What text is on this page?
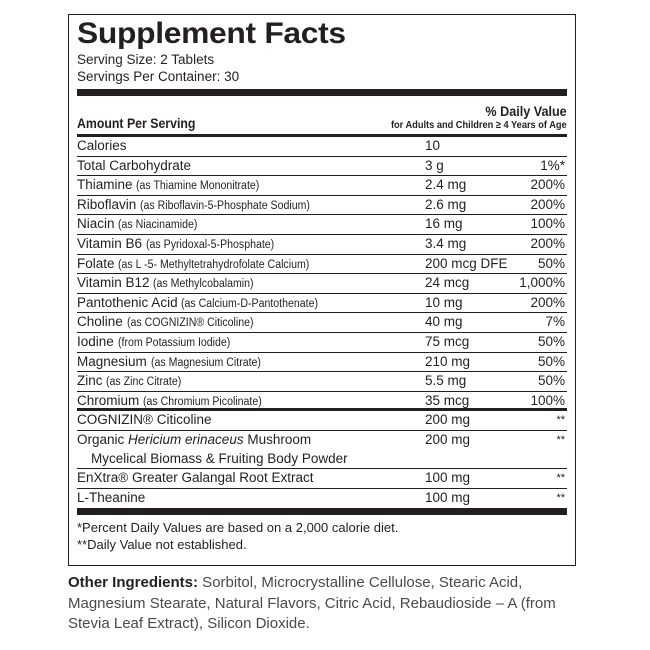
Supplement Facts
Serving Size: 2 Tablets
Servings Per Container: 30
Amount Per Serving
% Daily Value
for Adults and Children ≥ 4 Years of Age
Calories	10
Total Carbohydrate	3 g	1%*
Thiamine (as Thiamine Mononitrate)	2.4 mg	200%
Riboflavin (as Riboflavin-5-Phosphate Sodium)	2.6 mg	200%
Niacin (as Niacinamide)	16 mg	100%
Vitamin B6 (as Pyridoxal-5-Phosphate)	3.4 mg	200%
Folate (as L -5- Methyltetrahydrofolate Calcium)	200 mcg DFE 50%
Vitamin B12 (as Methylcobalamin)	24 mcg	1,000%
Pantothenic Acid (as Calcium-D-Pantothenate)	10 mg	200%
Choline (as COGNIZIN® Citicoline)	40 mg	7%
Iodine (from Potassium Iodide)	75 mcg	50%
Magnesium (as Magnesium Citrate)	210 mg	50%
Zinc (as Zinc Citrate)	5.5 mg	50%
Chromium (as Chromium Picolinate)	35 mcg	100%
COGNIZIN® Citicoline	200 mg	**
Organic Hericium erinaceus Mushroom
Mycelical Biomass & Fruiting Body Powder
200 mg	**
EnXtra® Greater Galangal Root Extract	100 mg	**
L-Theanine	100 mg	**
*Percent Daily Values are based on a 2,000 calorie diet.
**Daily Value not established.
Other Ingredients: Sorbitol, Microcrystalline Cellulose, Stearic Acid, Magnesium Stearate, Natural Flavors, Citric Acid, Rebaudioside – A (from Stevia Leaf Extract), Silicon Dioxide.
